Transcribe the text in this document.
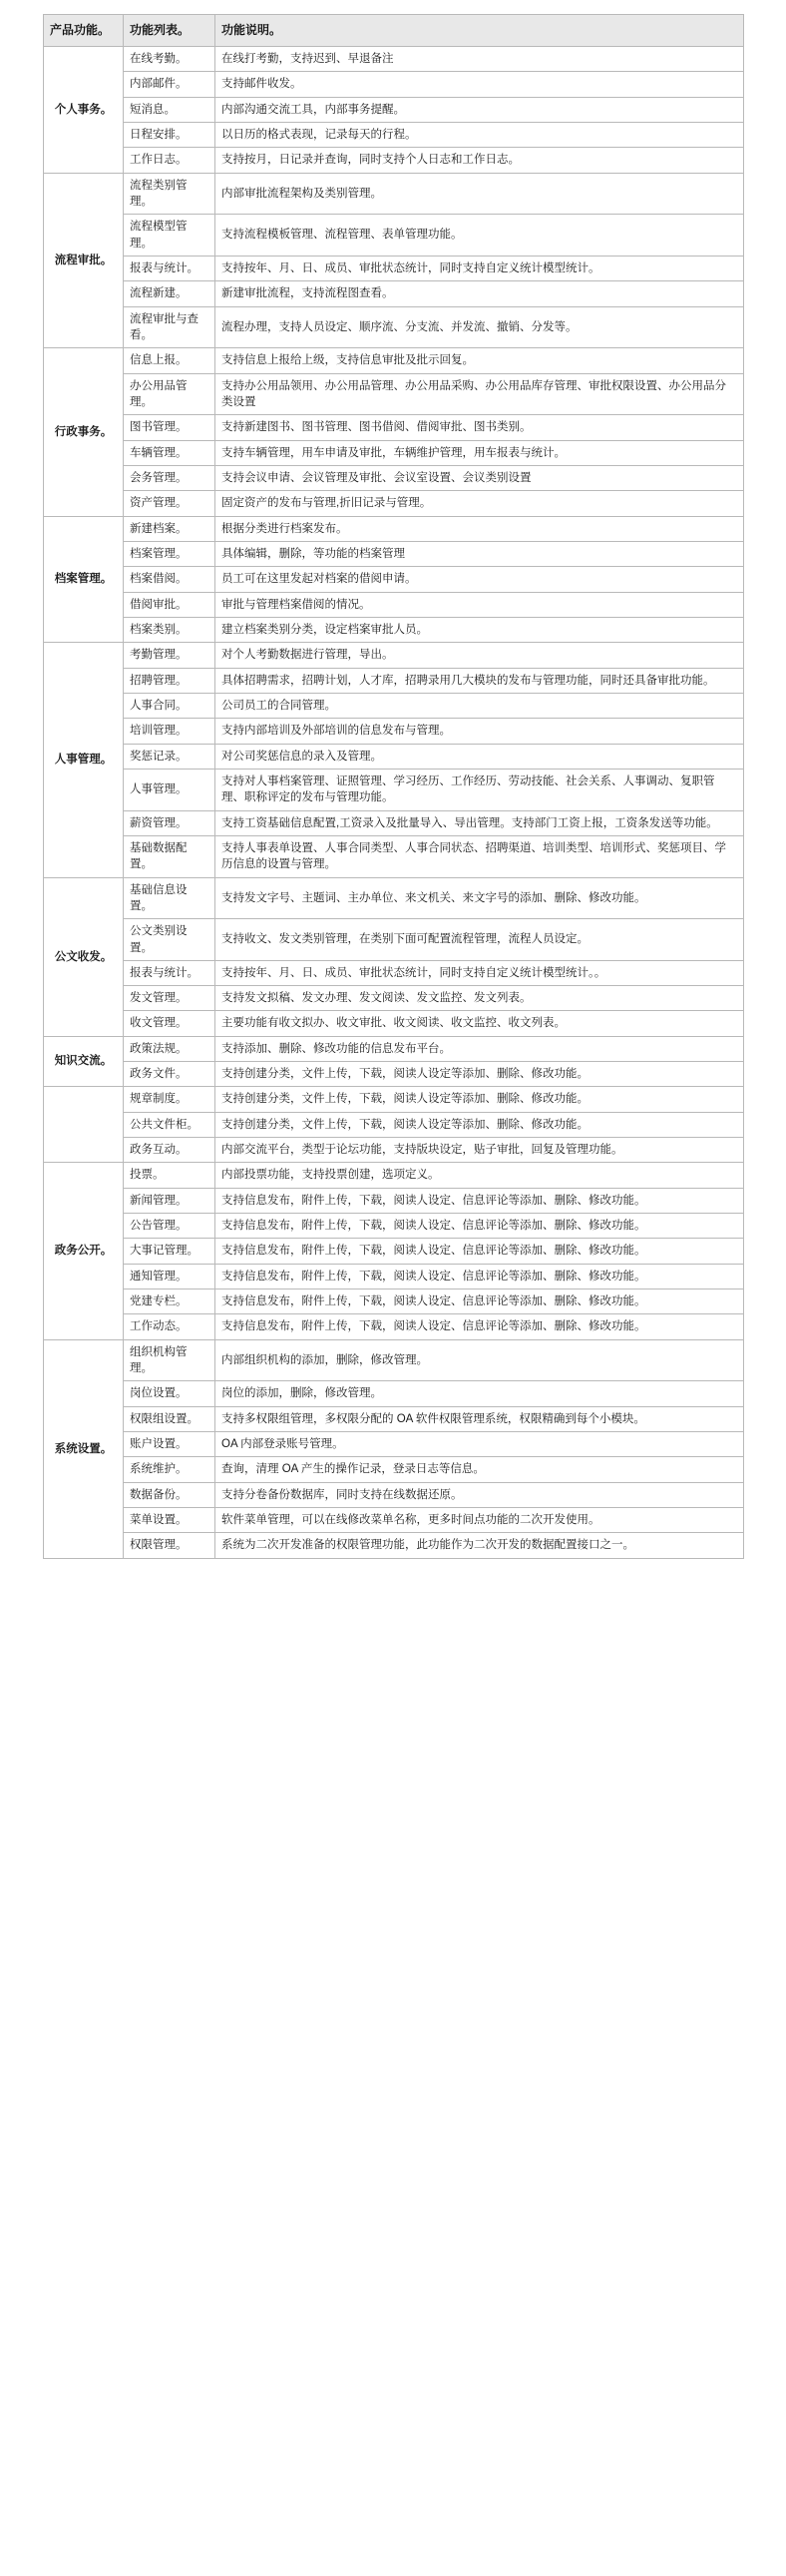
产品功能。	功能列表。	功能说明。
个人事务。	在线考勤。	在线打考勤，支持迟到、早退备注
	内部邮件。	支持邮件收发。
	短消息。	内部沟通交流工具，内部事务提醒。
	日程安排。	以日历的格式表现，记录每天的行程。
	工作日志。	支持按月，日记录并查询，同时支持个人日志和工作日志。
流程审批。	流程类别管理。	内部审批流程架构及类别管理。
	流程模型管理。	支持流程模板管理、流程管理、表单管理功能。
	报表与统计。	支持按年、月、日、成员、审批状态统计，同时支持自定义统计模型统计。
	流程新建。	新建审批流程，支持流程图查看。
	流程审批与查看。	流程办理，支持人员设定、顺序流、分支流、并发流、撤销、分发等。
行政事务。	信息上报。	支持信息上报给上级，支持信息审批及批示回复。
	办公用品管理。	支持办公用品领用、办公用品管理、办公用品采购、办公用品库存管理、审批权限设置、办公用品分类设置
	图书管理。	支持新建图书、图书管理、图书借阅、借阅审批、图书类别。
	车辆管理。	支持车辆管理，用车申请及审批，车辆维护管理，用车报表与统计。
	会务管理。	支持会议申请、会议管理及审批、会议室设置、会议类别设置
	资产管理。	固定资产的发布与管理,折旧记录与管理。
档案管理。	新建档案。	根据分类进行档案发布。
	档案管理。	具体编辑，删除，等功能的档案管理
	档案借阅。	员工可在这里发起对档案的借阅申请。
	借阅审批。	审批与管理档案借阅的情况。
	档案类别。	建立档案类别分类，设定档案审批人员。
人事管理。	考勤管理。	对个人考勤数据进行管理，导出。
	招聘管理。	具体招聘需求，招聘计划，人才库，招聘录用几大模块的发布与管理功能，同时还具备审批功能。
	人事合同。	公司员工的合同管理。
	培训管理。	支持内部培训及外部培训的信息发布与管理。
	奖惩记录。	对公司奖惩信息的录入及管理。
	人事管理。	支持对人事档案管理、证照管理、学习经历、工作经历、劳动技能、社会关系、人事调动、复职管理、职称评定的发布与管理功能。
	薪资管理。	支持工资基础信息配置,工资录入及批量导入、导出管理。支持部门工资上报，工资条发送等功能。
	基础数据配置。	支持人事表单设置、人事合同类型、人事合同状态、招聘渠道、培训类型、培训形式、奖惩项目、学历信息的设置与管理。
公文收发。	基础信息设置。	支持发文字号、主题词、主办单位、来文机关、来文字号的添加、删除、修改功能。
	公文类别设置。	支持收文、发文类别管理，在类别下面可配置流程管理，流程人员设定。
	报表与统计。	支持按年、月、日、成员、审批状态统计，同时支持自定义统计模型统计。。
	发文管理。	支持发文拟稿、发文办理、发文阅读、发文监控、发文列表。
	收文管理。	主要功能有收文拟办、收文审批、收文阅读、收文监控、收文列表。
知识交流。	政策法规。	支持添加、删除、修改功能的信息发布平台。
	政务文件。	支持创建分类，文件上传，下载，阅读人设定等添加、删除、修改功能。
	规章制度。	支持创建分类，文件上传，下载，阅读人设定等添加、删除、修改功能。
	公共文件柜。	支持创建分类，文件上传，下载，阅读人设定等添加、删除、修改功能。
	政务互动。	内部交流平台，类型于论坛功能，支持版块设定，贴子审批，回复及管理功能。
政务公开。	投票。	内部投票功能，支持投票创建，选项定义。
	新闻管理。	支持信息发布，附件上传，下载，阅读人设定、信息评论等添加、删除、修改功能。
	公告管理。	支持信息发布，附件上传，下载，阅读人设定、信息评论等添加、删除、修改功能。
	大事记管理。	支持信息发布，附件上传，下载，阅读人设定、信息评论等添加、删除、修改功能。
	通知管理。	支持信息发布，附件上传，下载，阅读人设定、信息评论等添加、删除、修改功能。
	党建专栏。	支持信息发布，附件上传，下载，阅读人设定、信息评论等添加、删除、修改功能。
	工作动态。	支持信息发布，附件上传，下载，阅读人设定、信息评论等添加、删除、修改功能。
系统设置。	组织机构管理。	内部组织机构的添加，删除，修改管理。
	岗位设置。	岗位的添加，删除，修改管理。
	权限组设置。	支持多权限组管理，多权限分配的 OA 软件权限管理系统，权限精确到每个小模块。
	账户设置。	OA 内部登录账号管理。
	系统维护。	查询，清理 OA 产生的操作记录，登录日志等信息。
	数据备份。	支持分卷备份数据库，同时支持在线数据还原。
	菜单设置。	软件菜单管理，可以在线修改菜单名称，更多时间点功能的二次开发使用。
	权限管理。	系统为二次开发准备的权限管理功能，此功能作为二次开发的数据配置接口之一。
